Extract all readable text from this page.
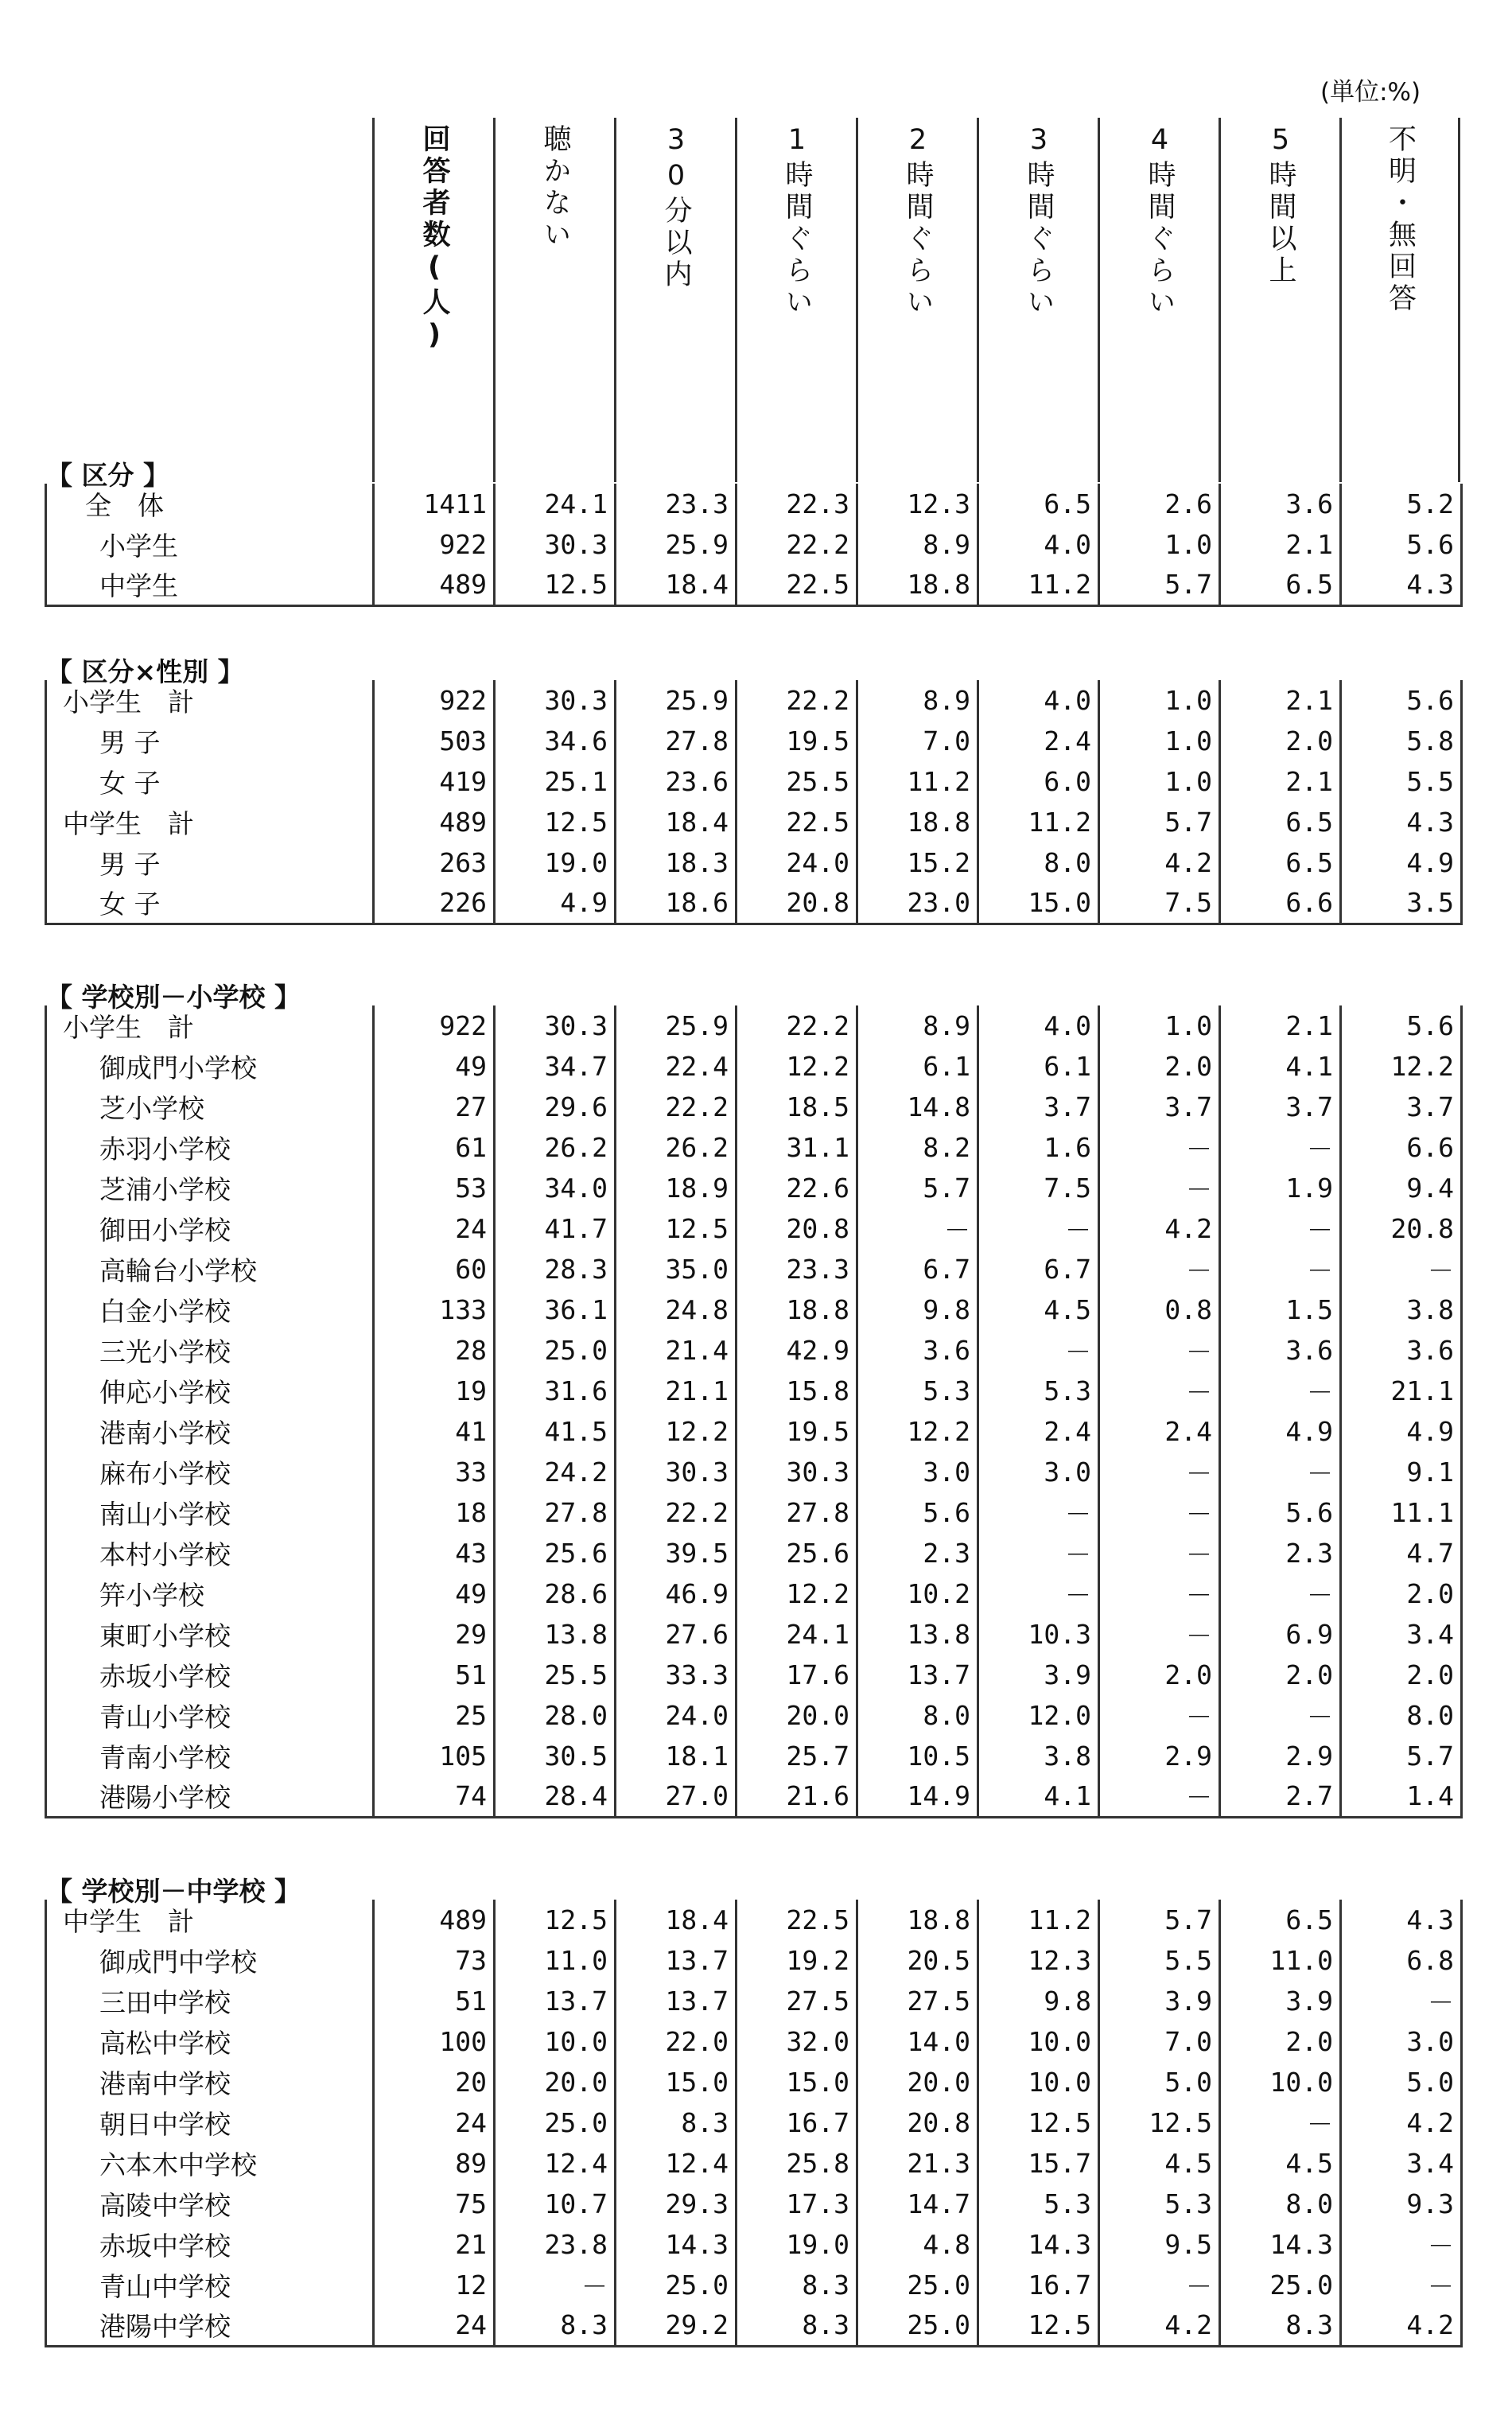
(単位:%)
回答者数(人)	聴かない	30分以内	1時間ぐらい	2時間ぐらい	3時間ぐらい	4時間ぐらい	5時間以上	不明・無回答
【 区分 】
全　体	1411	24.1	23.3	22.3	12.3	6.5	2.6	3.6	5.2
小学生	922	30.3	25.9	22.2	8.9	4.0	1.0	2.1	5.6
中学生	489	12.5	18.4	22.5	18.8	11.2	5.7	6.5	4.3
【 区分×性別 】
小学生　計	922	30.3	25.9	22.2	8.9	4.0	1.0	2.1	5.6
男 子	503	34.6	27.8	19.5	7.0	2.4	1.0	2.0	5.8
女 子	419	25.1	23.6	25.5	11.2	6.0	1.0	2.1	5.5
中学生　計	489	12.5	18.4	22.5	18.8	11.2	5.7	6.5	4.3
男 子	263	19.0	18.3	24.0	15.2	8.0	4.2	6.5	4.9
女 子	226	4.9	18.6	20.8	23.0	15.0	7.5	6.6	3.5
【 学校別－小学校 】
小学生　計	922	30.3	25.9	22.2	8.9	4.0	1.0	2.1	5.6
御成門小学校	49	34.7	22.4	12.2	6.1	6.1	2.0	4.1	12.2
芝小学校	27	29.6	22.2	18.5	14.8	3.7	3.7	3.7	3.7
赤羽小学校	61	26.2	26.2	31.1	8.2	1.6	－	－	6.6
芝浦小学校	53	34.0	18.9	22.6	5.7	7.5	－	1.9	9.4
御田小学校	24	41.7	12.5	20.8	－	－	4.2	－	20.8
高輪台小学校	60	28.3	35.0	23.3	6.7	6.7	－	－	－
白金小学校	133	36.1	24.8	18.8	9.8	4.5	0.8	1.5	3.8
三光小学校	28	25.0	21.4	42.9	3.6	－	－	3.6	3.6
伸応小学校	19	31.6	21.1	15.8	5.3	5.3	－	－	21.1
港南小学校	41	41.5	12.2	19.5	12.2	2.4	2.4	4.9	4.9
麻布小学校	33	24.2	30.3	30.3	3.0	3.0	－	－	9.1
南山小学校	18	27.8	22.2	27.8	5.6	－	－	5.6	11.1
本村小学校	43	25.6	39.5	25.6	2.3	－	－	2.3	4.7
笄小学校	49	28.6	46.9	12.2	10.2	－	－	－	2.0
東町小学校	29	13.8	27.6	24.1	13.8	10.3	－	6.9	3.4
赤坂小学校	51	25.5	33.3	17.6	13.7	3.9	2.0	2.0	2.0
青山小学校	25	28.0	24.0	20.0	8.0	12.0	－	－	8.0
青南小学校	105	30.5	18.1	25.7	10.5	3.8	2.9	2.9	5.7
港陽小学校	74	28.4	27.0	21.6	14.9	4.1	－	2.7	1.4
【 学校別－中学校 】
中学生　計	489	12.5	18.4	22.5	18.8	11.2	5.7	6.5	4.3
御成門中学校	73	11.0	13.7	19.2	20.5	12.3	5.5	11.0	6.8
三田中学校	51	13.7	13.7	27.5	27.5	9.8	3.9	3.9	－
高松中学校	100	10.0	22.0	32.0	14.0	10.0	7.0	2.0	3.0
港南中学校	20	20.0	15.0	15.0	20.0	10.0	5.0	10.0	5.0
朝日中学校	24	25.0	8.3	16.7	20.8	12.5	12.5	－	4.2
六本木中学校	89	12.4	12.4	25.8	21.3	15.7	4.5	4.5	3.4
高陵中学校	75	10.7	29.3	17.3	14.7	5.3	5.3	8.0	9.3
赤坂中学校	21	23.8	14.3	19.0	4.8	14.3	9.5	14.3	－
青山中学校	12	－	25.0	8.3	25.0	16.7	－	25.0	－
港陽中学校	24	8.3	29.2	8.3	25.0	12.5	4.2	8.3	4.2
